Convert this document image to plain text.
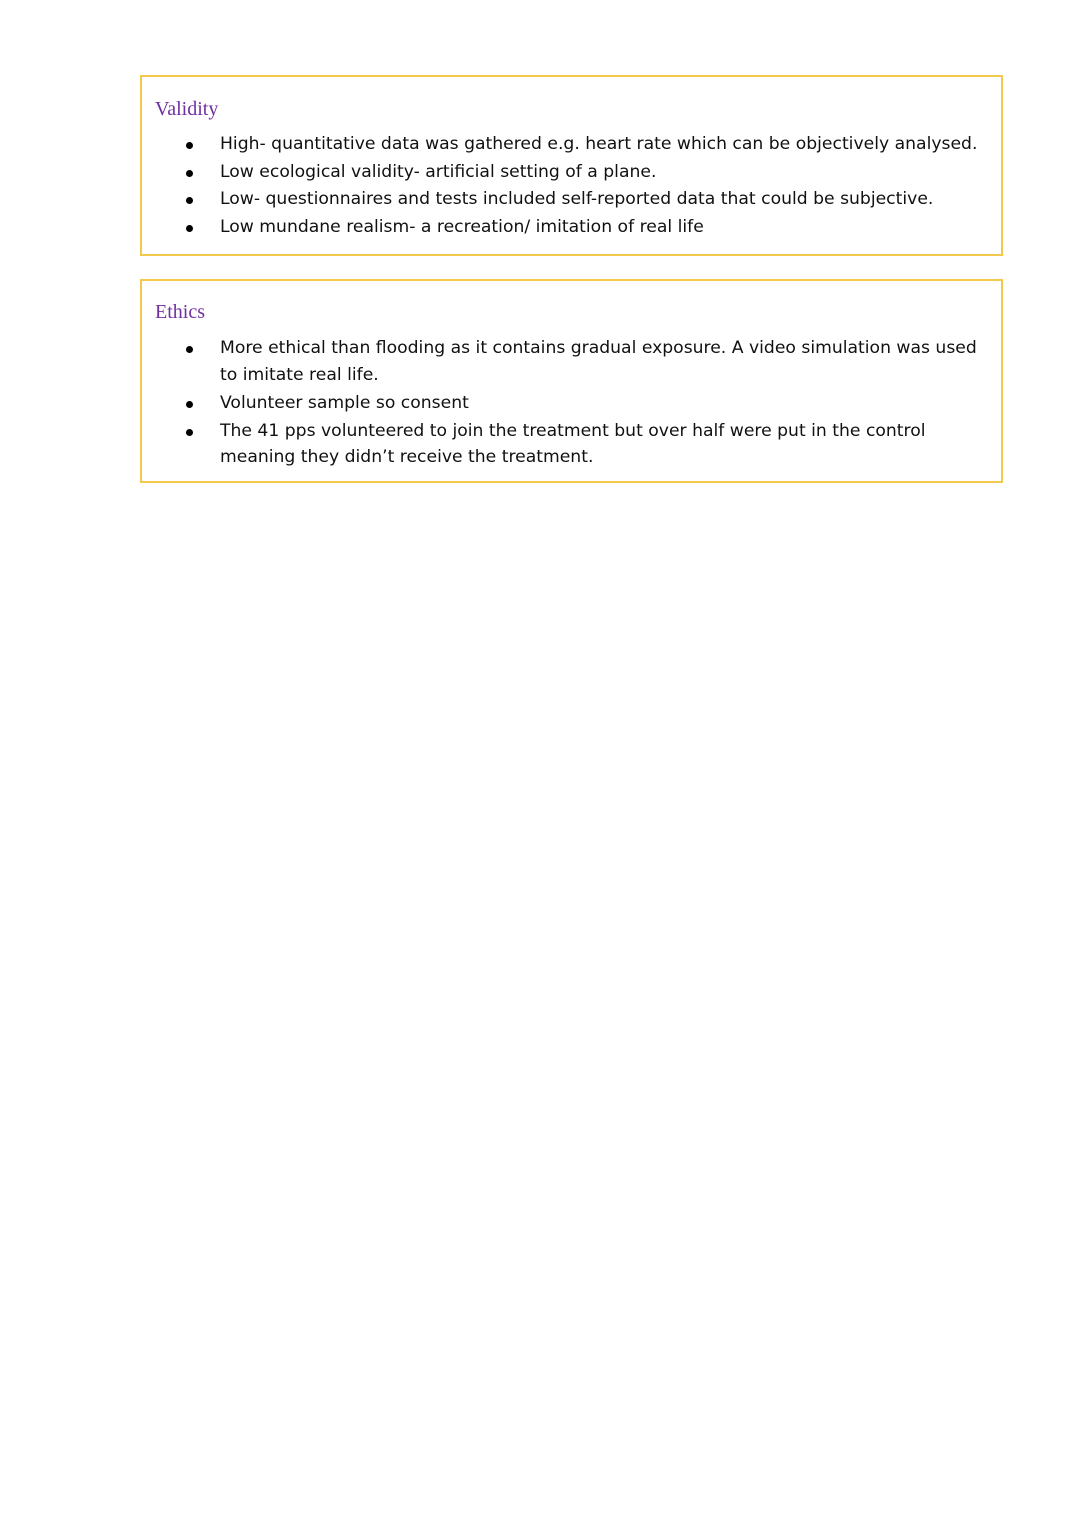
Validity
High- quantitative data was gathered e.g. heart rate which can be objectively analysed.
Low ecological validity- artificial setting of a plane.
Low- questionnaires and tests included self-reported data that could be subjective.
Low mundane realism- a recreation/ imitation of real life
Ethics
More ethical than flooding as it contains gradual exposure. A video simulation was used to imitate real life.
Volunteer sample so consent
The 41 pps volunteered to join the treatment but over half were put in the control meaning they didn’t receive the treatment.
